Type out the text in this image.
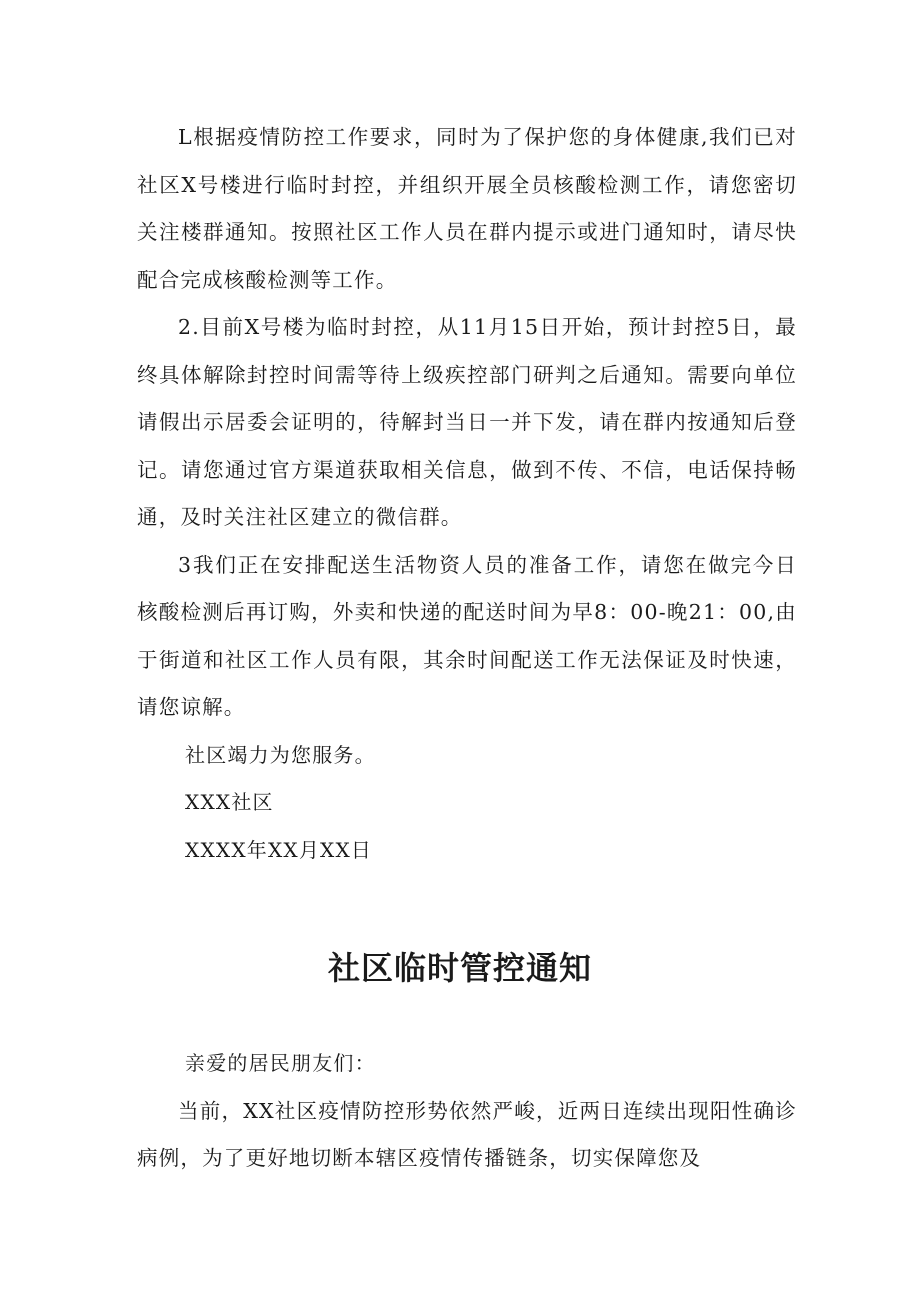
L根据疫情防控工作要求，同时为了保护您的身体健康,我们已对社区X号楼进行临时封控，并组织开展全员核酸检测工作，请您密切关注楼群通知。按照社区工作人员在群内提示或进门通知时，请尽快配合完成核酸检测等工作。

2.目前X号楼为临时封控，从11月15日开始，预计封控5日，最终具体解除封控时间需等待上级疾控部门研判之后通知。需要向单位请假出示居委会证明的，待解封当日一并下发，请在群内按通知后登记。请您通过官方渠道获取相关信息，做到不传、不信，电话保持畅通，及时关注社区建立的微信群。

3我们正在安排配送生活物资人员的准备工作，请您在做完今日核酸检测后再订购，外卖和快递的配送时间为早8：00-晚21：00,由于街道和社区工作人员有限，其余时间配送工作无法保证及时快速，请您谅解。

社区竭力为您服务。

XXX社区

XXXX年XX月XX日

社区临时管控通知

亲爱的居民朋友们：

当前，XX社区疫情防控形势依然严峻，近两日连续出现阳性确诊病例，为了更好地切断本辖区疫情传播链条，切实保障您及
